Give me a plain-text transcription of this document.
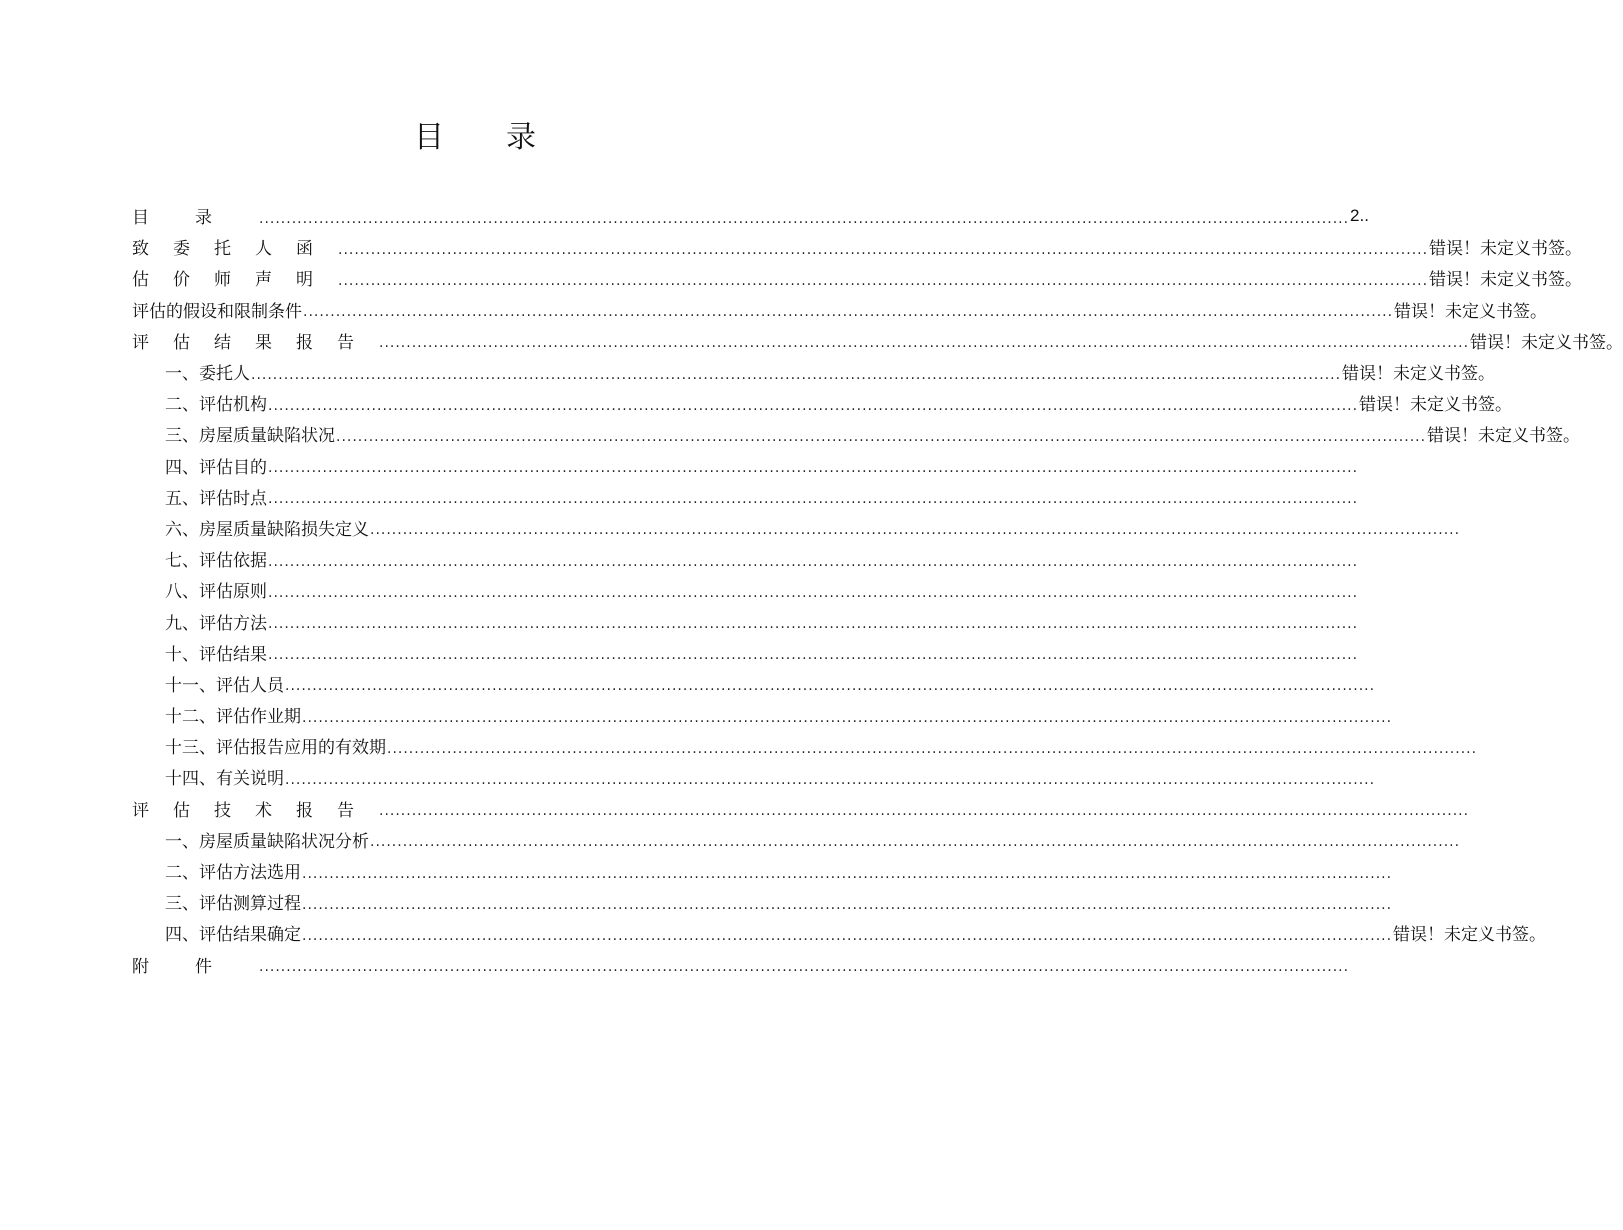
目 录
目录 ........................................................................................................................................................................................................ 2..
致委托人函 ........................................................................................................................................................................................................ 错误！未定义书签。
估价师声明 ........................................................................................................................................................................................................ 错误！未定义书签。
评估的假设和限制条件 ........................................................................................................................................................................................................ 错误！未定义书签。
评估结果报告 ........................................................................................................................................................................................................ 错误！未定义书签。
一、委托人 ........................................................................................................................................................................................................ 错误！未定义书签。
二、评估机构 ........................................................................................................................................................................................................ 错误！未定义书签。
三、房屋质量缺陷状况 ........................................................................................................................................................................................................ 错误！未定义书签。
四、评估目的 ........................................................................................................................................................................................................
五、评估时点 ........................................................................................................................................................................................................
六、房屋质量缺陷损失定义 ........................................................................................................................................................................................................
七、评估依据 ........................................................................................................................................................................................................
八、评估原则 ........................................................................................................................................................................................................
九、评估方法 ........................................................................................................................................................................................................
十、评估结果 ........................................................................................................................................................................................................
十一、评估人员 ........................................................................................................................................................................................................
十二、评估作业期 ........................................................................................................................................................................................................
十三、评估报告应用的有效期 ........................................................................................................................................................................................................
十四、有关说明 ........................................................................................................................................................................................................
评估技术报告 ........................................................................................................................................................................................................
一、房屋质量缺陷状况分析 ........................................................................................................................................................................................................
二、评估方法选用 ........................................................................................................................................................................................................
三、评估测算过程 ........................................................................................................................................................................................................
四、评估结果确定 ........................................................................................................................................................................................................ 错误！未定义书签。
附件 ........................................................................................................................................................................................................
